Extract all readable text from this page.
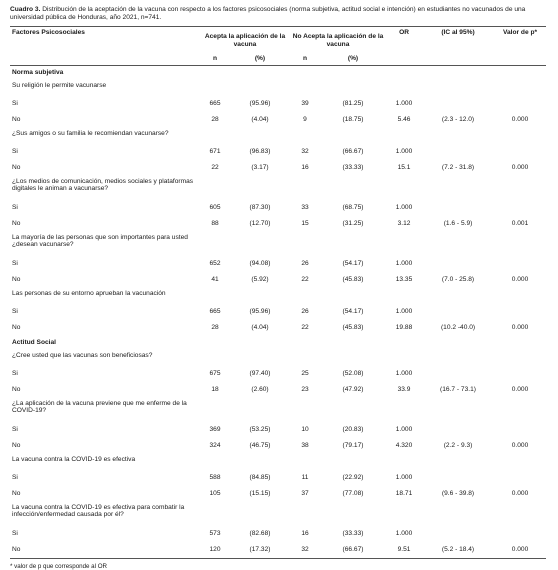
Cuadro 3. Distribución de la aceptación de la vacuna con respecto a los factores psicosociales (norma subjetiva, actitud social e intención) en estudiantes no vacunados de una universidad pública de Honduras, año 2021, n=741.

Factores Psicosociales	Acepta la aplicación de la vacuna		No Acepta la aplicación de la vacuna		OR	(IC al 95%)	Valor de p*
	n	(%)	n	(%)			
Norma subjetiva							
Su religión le permite vacunarse							
Si	665	(95.96)	39	(81.25)	1.000		
No	28	(4.04)	9	(18.75)	5.46	(2.3 - 12.0)	0.000
¿Sus amigos o su familia le recomiendan vacunarse?							
Si	671	(96.83)	32	(66.67)	1.000		
No	22	(3.17)	16	(33.33)	15.1	(7.2 - 31.8)	0.000
¿Los medios de comunicación, medios sociales y plataformas digitales le animan a vacunarse?							
Si	605	(87.30)	33	(68.75)	1.000		
No	88	(12.70)	15	(31.25)	3.12	(1.6 - 5.9)	0.001
La mayoría de las personas que son importantes para usted ¿desean vacunarse?							
Si	652	(94.08)	26	(54.17)	1.000		
No	41	(5.92)	22	(45.83)	13.35	(7.0 - 25.8)	0.000
Las personas de su entorno aprueban la vacunación							
Si	665	(95.96)	26	(54.17)	1.000		
No	28	(4.04)	22	(45.83)	19.88	(10.2 -40.0)	0.000
Actitud Social							
¿Cree usted que las vacunas son beneficiosas?							
Si	675	(97.40)	25	(52.08)	1.000		
No	18	(2.60)	23	(47.92)	33.9	(16.7 - 73.1)	0.000
¿La aplicación de la vacuna previene que me enferme de la COVID-19?							
Si	369	(53.25)	10	(20.83)	1.000		
No	324	(46.75)	38	(79.17)	4.320	(2.2 - 9.3)	0.000
La vacuna contra la COVID-19 es efectiva							
Si	588	(84.85)	11	(22.92)	1.000		
No	105	(15.15)	37	(77.08)	18.71	(9.6 - 39.8)	0.000
La vacuna contra la COVID-19 es efectiva para combatir la infección/enfermedad causada por él?							
Si	573	(82.68)	16	(33.33)	1.000		
No	120	(17.32)	32	(66.67)	9.51	(5.2 - 18.4)	0.000
* valor de p que corresponde al OR
